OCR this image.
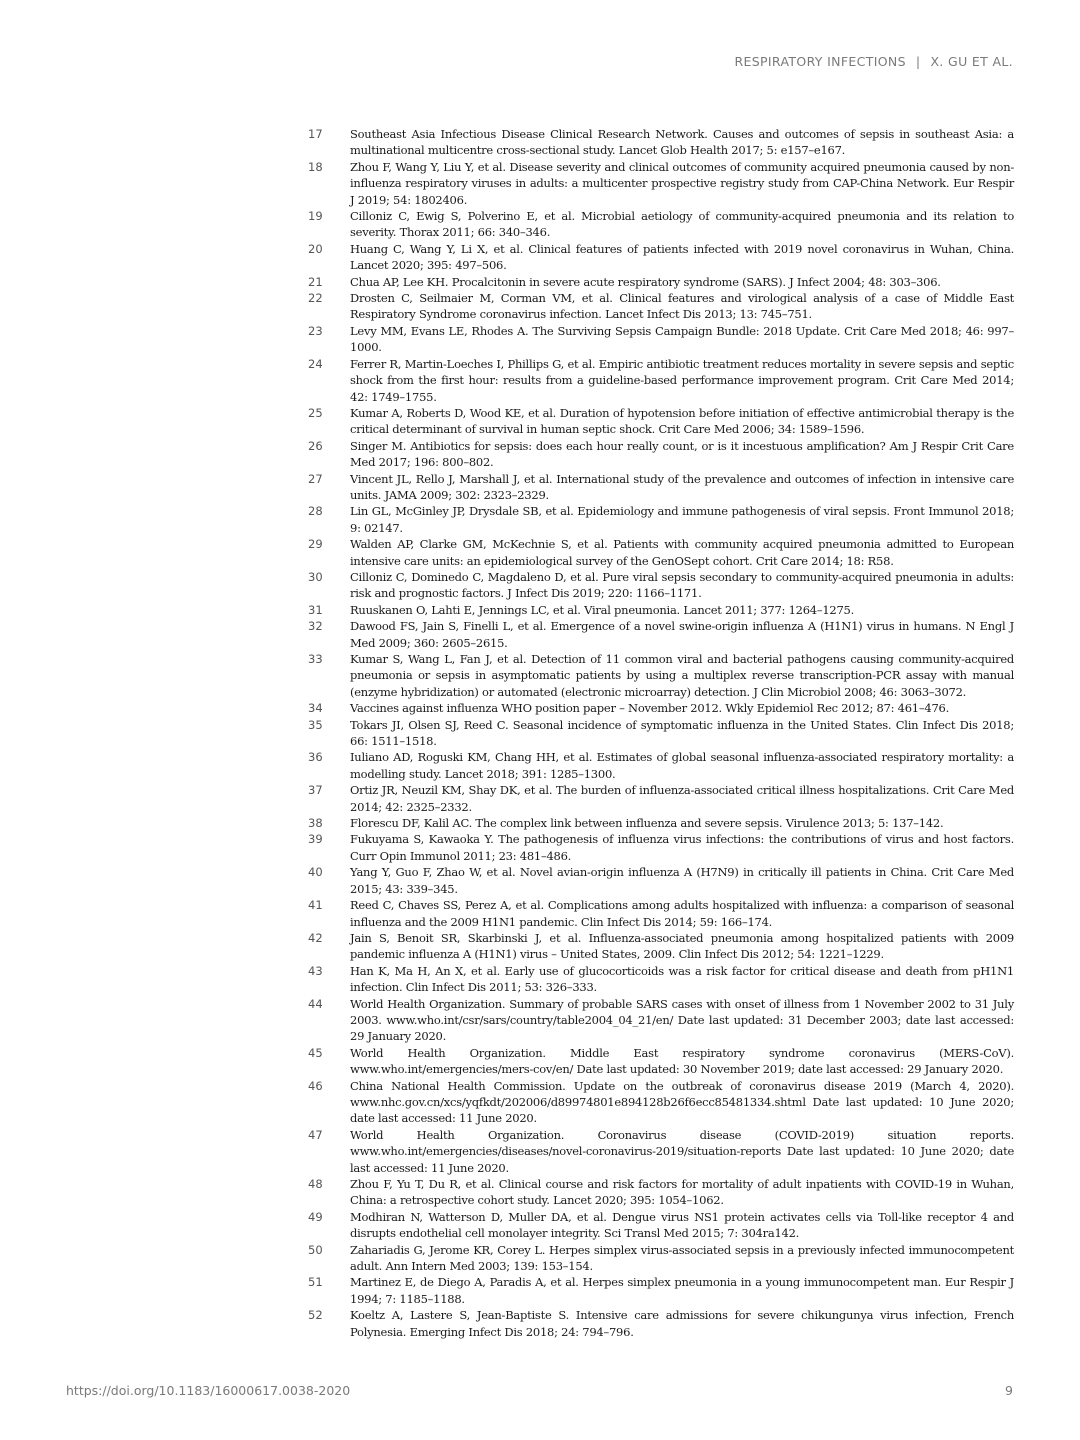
RESPIRATORY INFECTIONS | X. GU ET AL.
17	Southeast Asia Infectious Disease Clinical Research Network. Causes and outcomes of sepsis in southeast Asia: a multinational multicentre cross-sectional study. Lancet Glob Health 2017; 5: e157–e167.
18	Zhou F, Wang Y, Liu Y, et al. Disease severity and clinical outcomes of community acquired pneumonia caused by non-influenza respiratory viruses in adults: a multicenter prospective registry study from CAP-China Network. Eur Respir J 2019; 54: 1802406.
19	Cilloniz C, Ewig S, Polverino E, et al. Microbial aetiology of community-acquired pneumonia and its relation to severity. Thorax 2011; 66: 340–346.
20	Huang C, Wang Y, Li X, et al. Clinical features of patients infected with 2019 novel coronavirus in Wuhan, China. Lancet 2020; 395: 497–506.
21	Chua AP, Lee KH. Procalcitonin in severe acute respiratory syndrome (SARS). J Infect 2004; 48: 303–306.
22	Drosten C, Seilmaier M, Corman VM, et al. Clinical features and virological analysis of a case of Middle East Respiratory Syndrome coronavirus infection. Lancet Infect Dis 2013; 13: 745–751.
23	Levy MM, Evans LE, Rhodes A. The Surviving Sepsis Campaign Bundle: 2018 Update. Crit Care Med 2018; 46: 997–1000.
24	Ferrer R, Martin-Loeches I, Phillips G, et al. Empiric antibiotic treatment reduces mortality in severe sepsis and septic shock from the first hour: results from a guideline-based performance improvement program. Crit Care Med 2014; 42: 1749–1755.
25	Kumar A, Roberts D, Wood KE, et al. Duration of hypotension before initiation of effective antimicrobial therapy is the critical determinant of survival in human septic shock. Crit Care Med 2006; 34: 1589–1596.
26	Singer M. Antibiotics for sepsis: does each hour really count, or is it incestuous amplification? Am J Respir Crit Care Med 2017; 196: 800–802.
27	Vincent JL, Rello J, Marshall J, et al. International study of the prevalence and outcomes of infection in intensive care units. JAMA 2009; 302: 2323–2329.
28	Lin GL, McGinley JP, Drysdale SB, et al. Epidemiology and immune pathogenesis of viral sepsis. Front Immunol 2018; 9: 02147.
29	Walden AP, Clarke GM, McKechnie S, et al. Patients with community acquired pneumonia admitted to European intensive care units: an epidemiological survey of the GenOSept cohort. Crit Care 2014; 18: R58.
30	Cilloniz C, Dominedo C, Magdaleno D, et al. Pure viral sepsis secondary to community-acquired pneumonia in adults: risk and prognostic factors. J Infect Dis 2019; 220: 1166–1171.
31	Ruuskanen O, Lahti E, Jennings LC, et al. Viral pneumonia. Lancet 2011; 377: 1264–1275.
32	Dawood FS, Jain S, Finelli L, et al. Emergence of a novel swine-origin influenza A (H1N1) virus in humans. N Engl J Med 2009; 360: 2605–2615.
33	Kumar S, Wang L, Fan J, et al. Detection of 11 common viral and bacterial pathogens causing community-acquired pneumonia or sepsis in asymptomatic patients by using a multiplex reverse transcription-PCR assay with manual (enzyme hybridization) or automated (electronic microarray) detection. J Clin Microbiol 2008; 46: 3063–3072.
34	Vaccines against influenza WHO position paper – November 2012. Wkly Epidemiol Rec 2012; 87: 461–476.
35	Tokars JI, Olsen SJ, Reed C. Seasonal incidence of symptomatic influenza in the United States. Clin Infect Dis 2018; 66: 1511–1518.
36	Iuliano AD, Roguski KM, Chang HH, et al. Estimates of global seasonal influenza-associated respiratory mortality: a modelling study. Lancet 2018; 391: 1285–1300.
37	Ortiz JR, Neuzil KM, Shay DK, et al. The burden of influenza-associated critical illness hospitalizations. Crit Care Med 2014; 42: 2325–2332.
38	Florescu DF, Kalil AC. The complex link between influenza and severe sepsis. Virulence 2013; 5: 137–142.
39	Fukuyama S, Kawaoka Y. The pathogenesis of influenza virus infections: the contributions of virus and host factors. Curr Opin Immunol 2011; 23: 481–486.
40	Yang Y, Guo F, Zhao W, et al. Novel avian-origin influenza A (H7N9) in critically ill patients in China. Crit Care Med 2015; 43: 339–345.
41	Reed C, Chaves SS, Perez A, et al. Complications among adults hospitalized with influenza: a comparison of seasonal influenza and the 2009 H1N1 pandemic. Clin Infect Dis 2014; 59: 166–174.
42	Jain S, Benoit SR, Skarbinski J, et al. Influenza-associated pneumonia among hospitalized patients with 2009 pandemic influenza A (H1N1) virus – United States, 2009. Clin Infect Dis 2012; 54: 1221–1229.
43	Han K, Ma H, An X, et al. Early use of glucocorticoids was a risk factor for critical disease and death from pH1N1 infection. Clin Infect Dis 2011; 53: 326–333.
44	World Health Organization. Summary of probable SARS cases with onset of illness from 1 November 2002 to 31 July 2003. www.who.int/csr/sars/country/table2004_04_21/en/ Date last updated: 31 December 2003; date last accessed: 29 January 2020.
45	World Health Organization. Middle East respiratory syndrome coronavirus (MERS-CoV). www.who.int/emergencies/mers-cov/en/ Date last updated: 30 November 2019; date last accessed: 29 January 2020.
46	China National Health Commission. Update on the outbreak of coronavirus disease 2019 (March 4, 2020). www.nhc.gov.cn/xcs/yqfkdt/202006/d89974801e894128b26f6ecc85481334.shtml Date last updated: 10 June 2020; date last accessed: 11 June 2020.
47	World Health Organization. Coronavirus disease (COVID-2019) situation reports. www.who.int/emergencies/diseases/novel-coronavirus-2019/situation-reports Date last updated: 10 June 2020; date last accessed: 11 June 2020.
48	Zhou F, Yu T, Du R, et al. Clinical course and risk factors for mortality of adult inpatients with COVID-19 in Wuhan, China: a retrospective cohort study. Lancet 2020; 395: 1054–1062.
49	Modhiran N, Watterson D, Muller DA, et al. Dengue virus NS1 protein activates cells via Toll-like receptor 4 and disrupts endothelial cell monolayer integrity. Sci Transl Med 2015; 7: 304ra142.
50	Zahariadis G, Jerome KR, Corey L. Herpes simplex virus-associated sepsis in a previously infected immunocompetent adult. Ann Intern Med 2003; 139: 153–154.
51	Martinez E, de Diego A, Paradis A, et al. Herpes simplex pneumonia in a young immunocompetent man. Eur Respir J 1994; 7: 1185–1188.
52	Koeltz A, Lastere S, Jean-Baptiste S. Intensive care admissions for severe chikungunya virus infection, French Polynesia. Emerging Infect Dis 2018; 24: 794–796.
https://doi.org/10.1183/16000617.0038-2020	9
